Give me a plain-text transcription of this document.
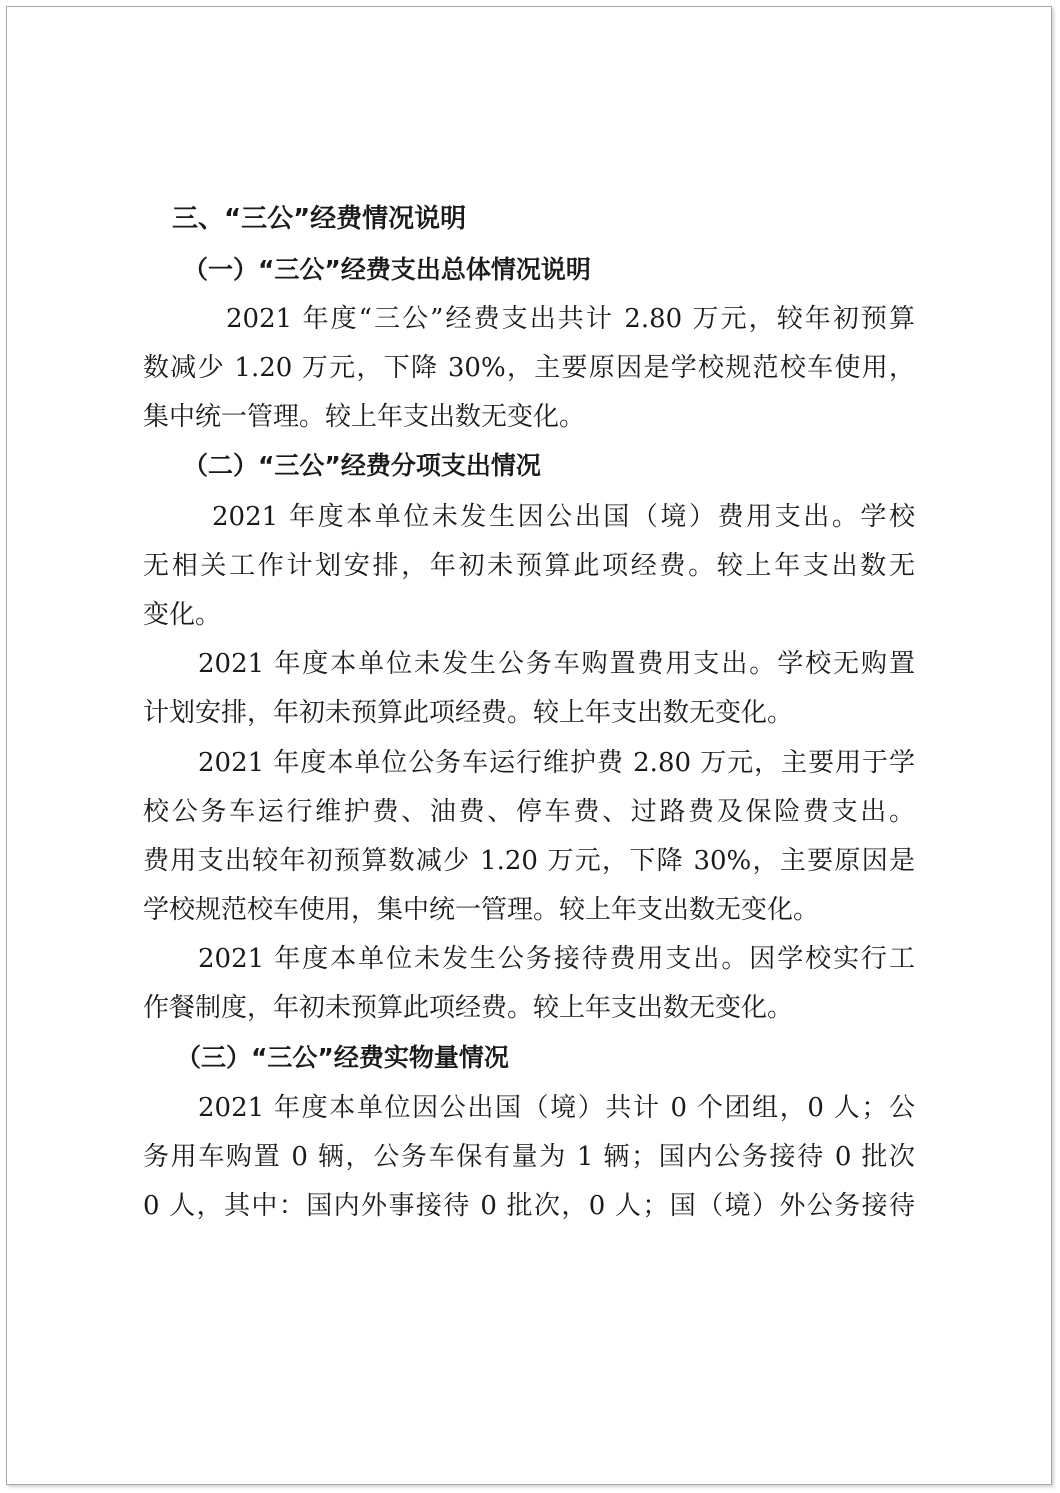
三、“三公”经费情况说明
（一）“三公”经费支出总体情况说明
2021 年度“三公”经费支出共计 2.80 万元，较年初预算
数减少 1.20 万元，下降 30%，主要原因是学校规范校车使用，
集中统一管理。较上年支出数无变化。
（二）“三公”经费分项支出情况
2021 年度本单位未发生因公出国（境）费用支出。学校
无相关工作计划安排，年初未预算此项经费。较上年支出数无
变化。
2021 年度本单位未发生公务车购置费用支出。学校无购置
计划安排，年初未预算此项经费。较上年支出数无变化。
2021 年度本单位公务车运行维护费 2.80 万元，主要用于学
校公务车运行维护费、油费、停车费、过路费及保险费支出。
费用支出较年初预算数减少 1.20 万元，下降 30%，主要原因是
学校规范校车使用，集中统一管理。较上年支出数无变化。
2021 年度本单位未发生公务接待费用支出。因学校实行工
作餐制度，年初未预算此项经费。较上年支出数无变化。
（三）“三公”经费实物量情况
2021 年度本单位因公出国（境）共计 0 个团组，0 人；公
务用车购置 0 辆，公务车保有量为 1 辆；国内公务接待 0 批次
0 人，其中：国内外事接待 0 批次，0 人；国（境）外公务接待
